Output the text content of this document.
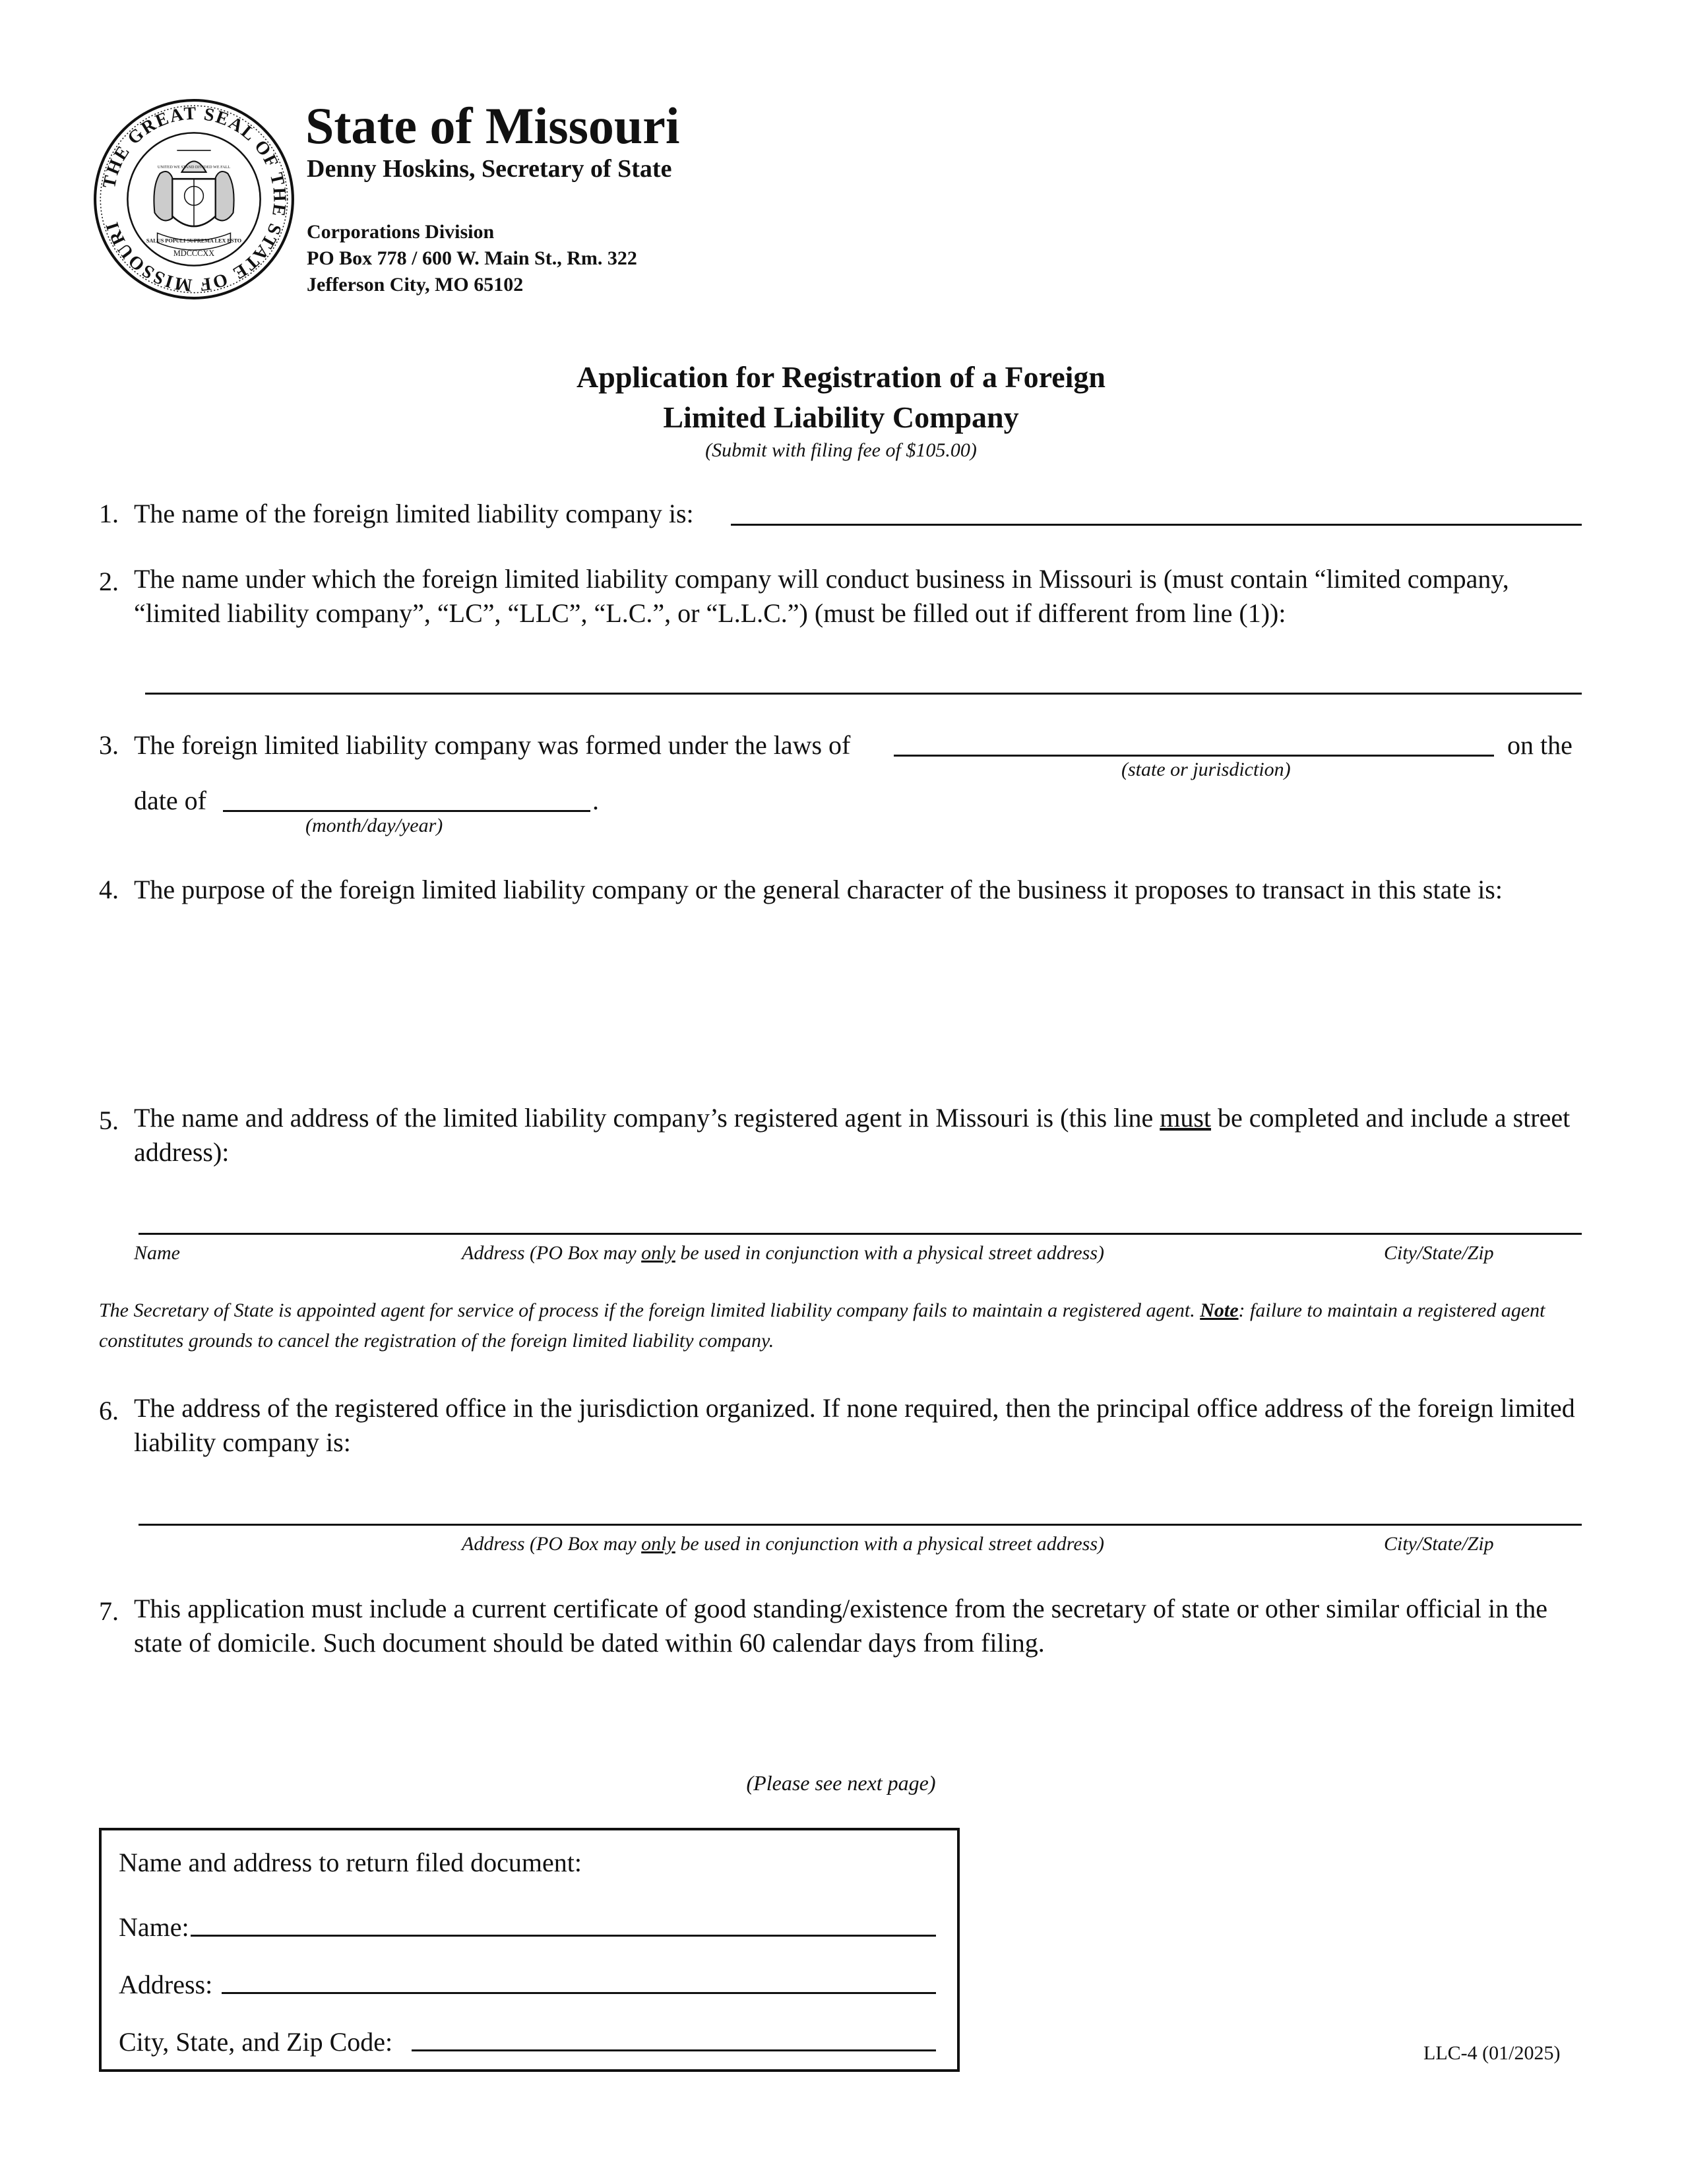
THE GREAT SEAL OF THE STATE OF MISSOURI
SALUS POPULI SUPREMA LEX ESTO
UNITED WE STAND DIVIDED WE FALL
MDCCCXX
State of Missouri
Denny Hoskins, Secretary of State
Corporations Division
PO Box 778 / 600 W. Main St., Rm. 322
Jefferson City, MO 65102
Application for Registration of a Foreign
Limited Liability Company
(Submit with filing fee of $105.00)
1. The name of the foreign limited liability company is:
2. The name under which the foreign limited liability company will conduct business in Missouri is (must contain “limited company, “limited liability company”, “LC”, “LLC”, “L.C.”, or “L.L.C.”) (must be filled out if different from line (1)):
3. The foreign limited liability company was formed under the laws of	on the
(state or jurisdiction)
date of	.
(month/day/year)
4. The purpose of the foreign limited liability company or the general character of the business it proposes to transact in this state is:
5. The name and address of the limited liability company’s registered agent in Missouri is (this line must be completed and include a street address):
Name	Address (PO Box may only be used in conjunction with a physical street address)	City/State/Zip
The Secretary of State is appointed agent for service of process if the foreign limited liability company fails to maintain a registered agent. Note: failure to maintain a registered agent constitutes grounds to cancel the registration of the foreign limited liability company.
6. The address of the registered office in the jurisdiction organized. If none required, then the principal office address of the foreign limited liability company is:
Address (PO Box may only be used in conjunction with a physical street address)	City/State/Zip
7. This application must include a current certificate of good standing/existence from the secretary of state or other similar official in the state of domicile. Such document should be dated within 60 calendar days from filing.
(Please see next page)
Name and address to return filed document:
Name:
Address:
City, State, and Zip Code:	LLC-4 (01/2025)
